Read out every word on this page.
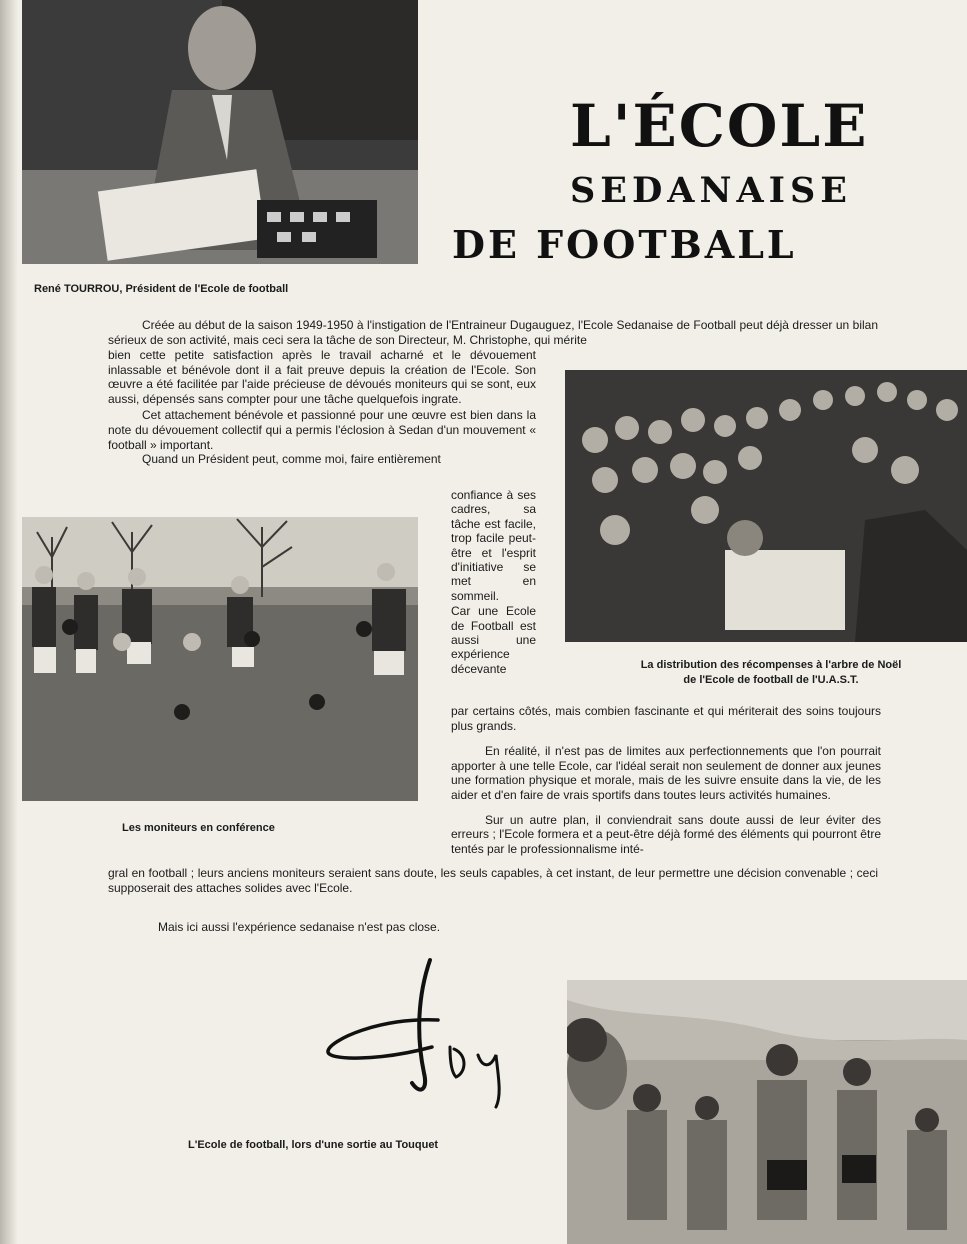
L'ÉCOLE
SEDANAISE
DE FOOTBALL
René TOURROU, Président de l'Ecole de football

Créée au début de la saison 1949-1950 à l'instigation de l'Entraineur Dugauguez, l'Ecole Sedanaise de Football peut déjà dresser un bilan sérieux de son activité, mais ceci sera la tâche de son Directeur, M. Christophe, qui mérite

bien cette petite satisfaction après le travail acharné et le dévouement inlassable et bénévole dont il a fait preuve depuis la création de l'Ecole. Son œuvre a été facilitée par l'aide précieuse de dévoués moniteurs qui se sont, eux aussi, dépensés sans compter pour une tâche quelquefois ingrate.

Cet attachement bénévole et passionné pour une œuvre est bien dans la note du dévouement collectif qui a permis l'éclosion à Sedan d'un mouvement « football » important.

Quand un Président peut, comme moi, faire entièrement

La distribution des récompenses à l'arbre de Noël
de l'Ecole de football de l'U.A.S.T.

confiance à ses cadres, sa tâche est facile, trop facile peut-être et l'esprit d'initiative se met en sommeil.

Car une Ecole de Football est aussi une expérience décevante

par certains côtés, mais combien fascinante et qui mériterait des soins toujours plus grands.

En réalité, il n'est pas de limites aux perfectionnements que l'on pourrait apporter à une telle Ecole, car l'idéal serait non seulement de donner aux jeunes une formation physique et morale, mais de les suivre ensuite dans la vie, de les aider et d'en faire de vrais sportifs dans toutes leurs activités humaines.

Sur un autre plan, il conviendrait sans doute aussi de leur éviter des erreurs ; l'Ecole formera et a peut-être déjà formé des éléments qui pourront être tentés par le professionnalisme inté-

Les moniteurs en conférence

gral en football ; leurs anciens moniteurs seraient sans doute, les seuls capables, à cet instant, de leur permettre une décision convenable ; ceci supposerait des attaches solides avec l'Ecole.

Mais ici aussi l'expérience sedanaise n'est pas close.
L'Ecole de football, lors d'une sortie au Touquet
